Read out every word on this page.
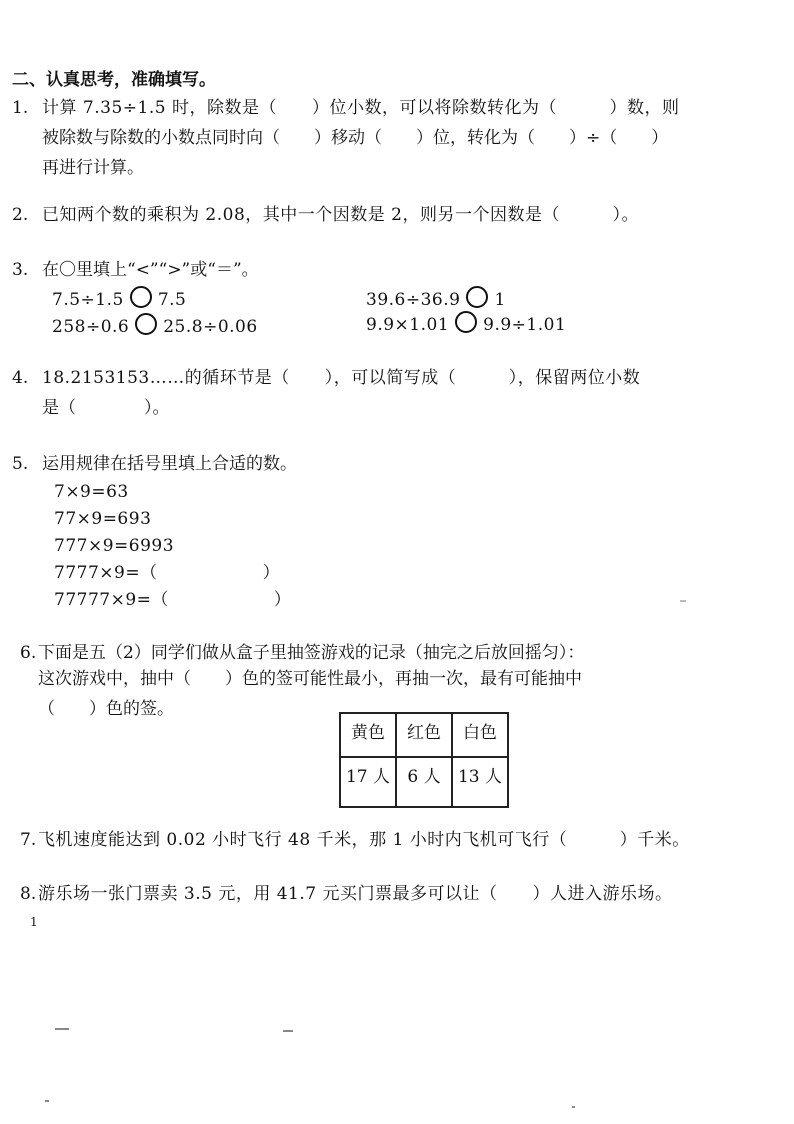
二、认真思考，准确填写。
1. 计算 7.35÷1.5 时，除数是（　　）位小数，可以将除数转化为（　　　）数，则
被除数与除数的小数点同时向（　　）移动（　　）位，转化为（　　）÷（　　）
再进行计算。
2. 已知两个数的乘积为 2.08，其中一个因数是 2，则另一个因数是（　　　）。
3. 在〇里填上“<”“>”或“＝”。
7.5÷1.5 7.5	39.6÷36.9 1
258÷0.6 25.8÷0.06	9.9×1.01 9.9÷1.01
4. 18.2153153……的循环节是（　　），可以简写成（　　　），保留两位小数
是（　　　　）。
5. 运用规律在括号里填上合适的数。
7×9=63
77×9=693
777×9=6993
7777×9=（　　　　　　）
77777×9=（　　　　　　）
6. 下面是五（2）同学们做从盒子里抽签游戏的记录（抽完之后放回摇匀）：
这次游戏中，抽中（　　）色的签可能性最小，再抽一次，最有可能抽中
（　　）色的签。
黄色	红色	白色
17 人	6 人	13 人
7. 飞机速度能达到 0.02 小时飞行 48 千米，那 1 小时内飞机可飞行（　　　）千米。
8. 游乐场一张门票卖 3.5 元，用 41.7 元买门票最多可以让（　　）人进入游乐场。
1
